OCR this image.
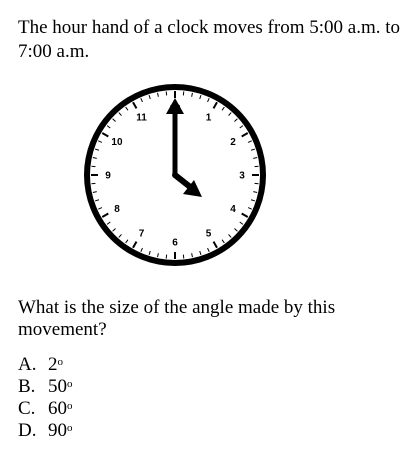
The hour hand of a clock moves from 5:00 a.m. to 7:00 a.m.

1
2
3
4
5
6
7
8
9
10
11

What is the size of the angle made by this movement?

A. 2$^o$
B. 50$^o$
C. 60$^o$
D. 90$^o$
